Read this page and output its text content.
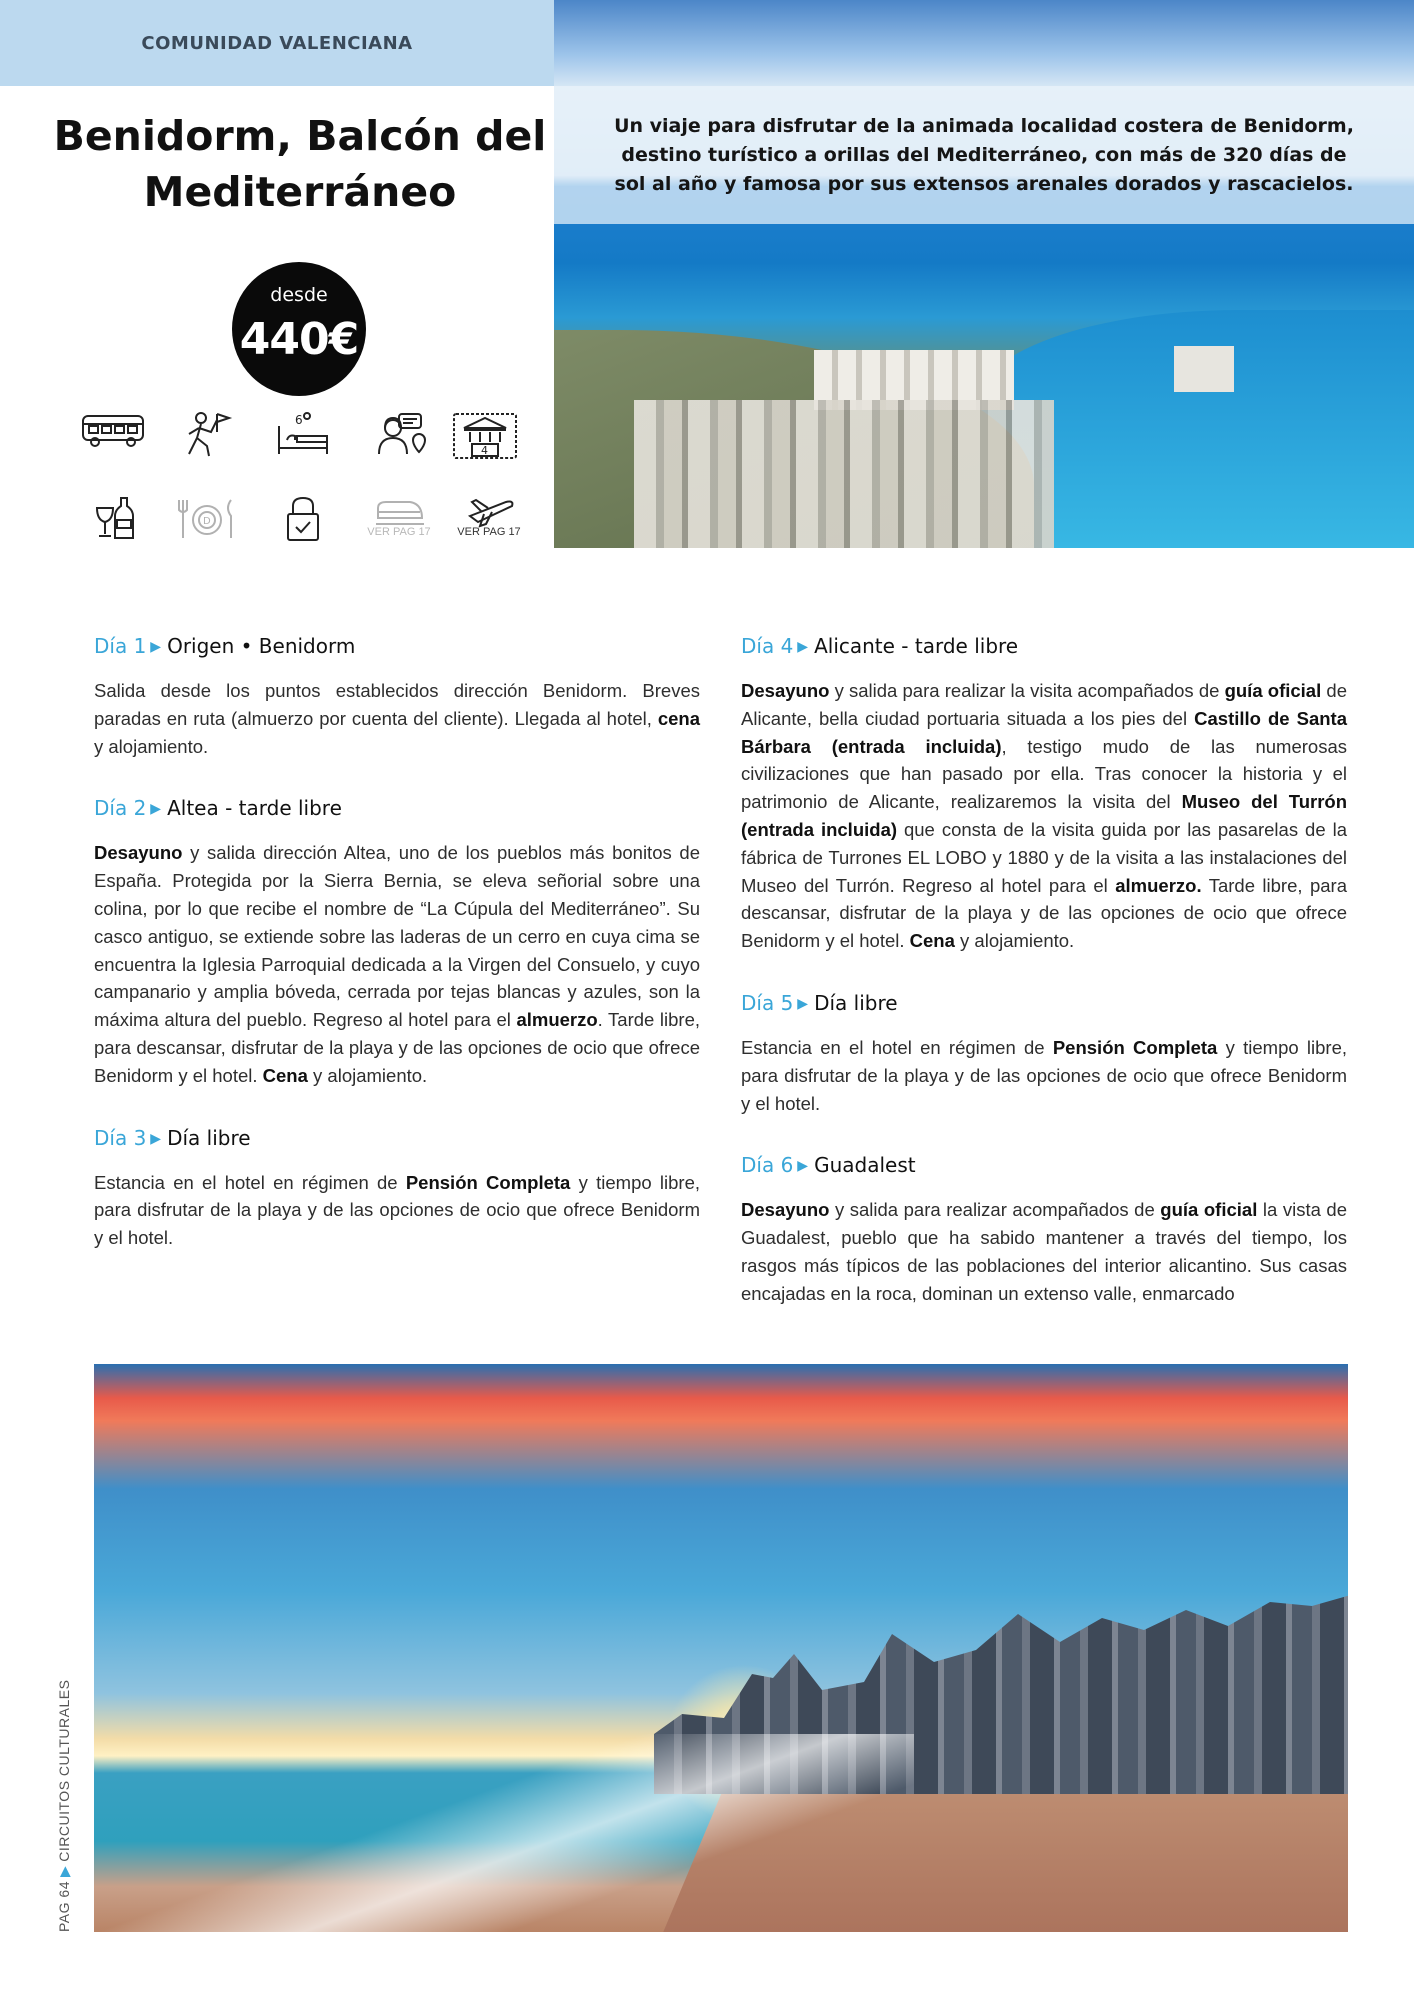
COMUNIDAD VALENCIANA
Benidorm, Balcón del Mediterráneo
desde
440€
6
4
D
VER PAG 17	VER PAG 17

Un viaje para disfrutar de la animada localidad costera de Benidorm, destino turístico a orillas del Mediterráneo, con más de 320 días de sol al año y famosa por sus extensos arenales dorados y rascacielos.

Día 1 ▶ Origen • Benidorm

Salida desde los puntos establecidos dirección Benidorm. Breves paradas en ruta (almuerzo por cuenta del cliente). Llegada al hotel, cena y alojamiento.

Día 2 ▶ Altea - tarde libre

Desayuno y salida dirección Altea, uno de los pueblos más bonitos de España. Protegida por la Sierra Bernia, se eleva señorial sobre una colina, por lo que recibe el nombre de “La Cúpula del Mediterráneo”. Su casco antiguo, se extiende sobre las laderas de un cerro en cuya cima se encuentra la Iglesia Parroquial dedicada a la Virgen del Consuelo, y cuyo campanario y amplia bóveda, cerrada por tejas blancas y azules, son la máxima altura del pueblo. Regreso al hotel para el almuerzo. Tarde libre, para descansar, disfrutar de la playa y de las opciones de ocio que ofrece Benidorm y el hotel. Cena y alojamiento.

Día 3 ▶ Día libre

Estancia en el hotel en régimen de Pensión Completa y tiempo libre, para disfrutar de la playa y de las opciones de ocio que ofrece Benidorm y el hotel.

Día 4 ▶ Alicante - tarde libre

Desayuno y salida para realizar la visita acompañados de guía oficial de Alicante, bella ciudad portuaria situada a los pies del Castillo de Santa Bárbara (entrada incluida), testigo mudo de las numerosas civilizaciones que han pasado por ella. Tras conocer la historia y el patrimonio de Alicante, realizaremos la visita del Museo del Turrón (entrada incluida) que consta de la visita guida por las pasarelas de la fábrica de Turrones EL LOBO y 1880 y de la visita a las instalaciones del Museo del Turrón. Regreso al hotel para el almuerzo. Tarde libre, para descansar, disfrutar de la playa y de las opciones de ocio que ofrece Benidorm y el hotel. Cena y alojamiento.

Día 5 ▶ Día libre

Estancia en el hotel en régimen de Pensión Completa y tiempo libre, para disfrutar de la playa y de las opciones de ocio que ofrece Benidorm y el hotel.

Día 6 ▶ Guadalest

Desayuno y salida para realizar acompañados de guía oficial la vista de Guadalest, pueblo que ha sabido mantener a través del tiempo, los rasgos más típicos de las poblaciones del interior alicantino. Sus casas encajadas en la roca, dominan un extenso valle, enmarcado

PAG 64▶CIRCUITOS CULTURALES
